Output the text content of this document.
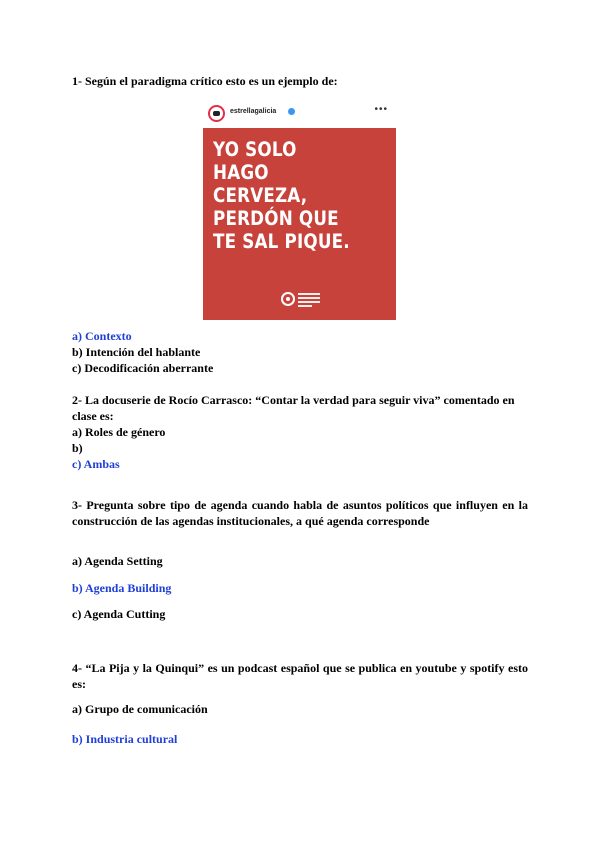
1- Según el paradigma crítico esto es un ejemplo de:

estrellagalicia	•••

YO SOLO
HAGO CERVEZA,
PERDÓN QUE
TE SAL PIQUE.

a) Contexto

b) Intención del hablante

c) Decodificación aberrante

2- La docuserie de Rocío Carrasco: “Contar la verdad para seguir viva” comentado en clase es:

a) Roles de género

b)

c) Ambas

3- Pregunta sobre tipo de agenda cuando habla de asuntos políticos que influyen en la construcción de las agendas institucionales, a qué agenda corresponde

a) Agenda Setting

b) Agenda Building

c) Agenda Cutting

4- “La Pija y la Quinqui” es un podcast español que se publica en youtube y spotify esto es:

a) Grupo de comunicación

b) Industria cultural
